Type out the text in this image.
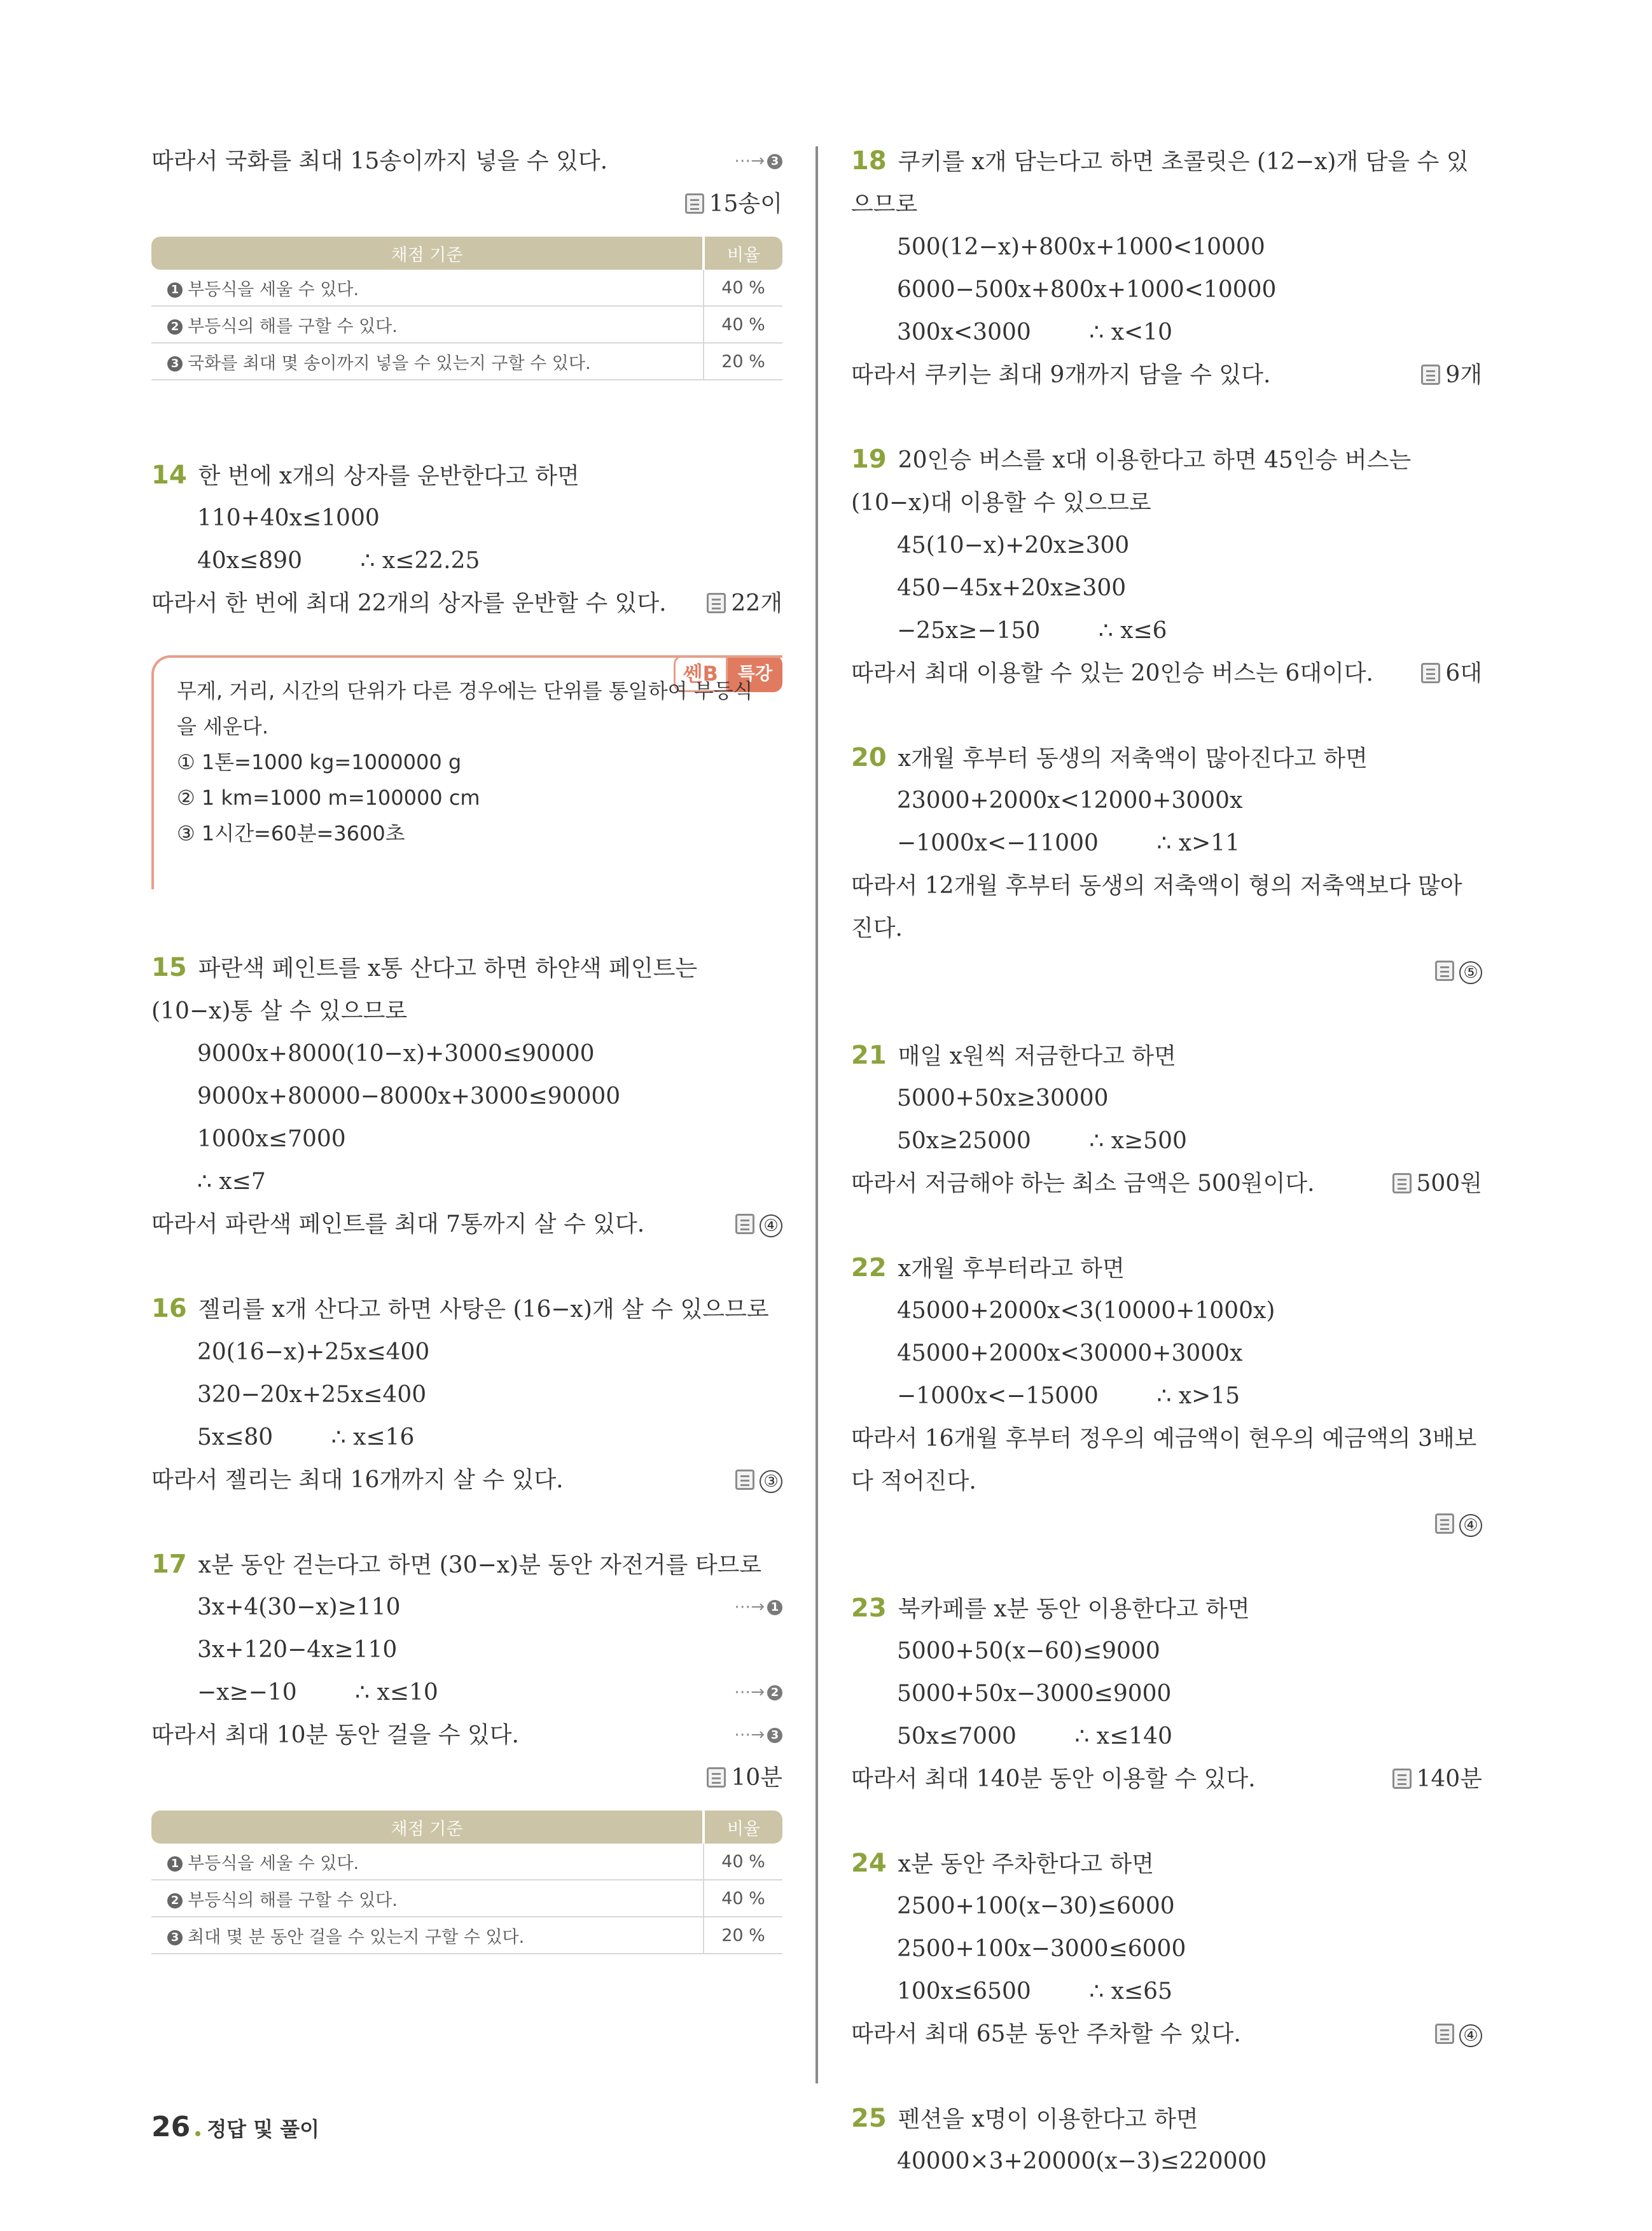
따라서 국화를 최대 15송이까지 넣을 수 있다.	⋯→ 3
15송이
채점 기준	비율
1 부등식을 세울 수 있다.	40 %
2 부등식의 해를 구할 수 있다.	40 %
3 국화를 최대 몇 송이까지 넣을 수 있는지 구할 수 있다.	20 %
14 한 번에 x개의 상자를 운반한다고 하면
110+40x≤1000
40x≤890        ∴ x≤22.25
따라서 한 번에 최대 22개의 상자를 운반할 수 있다.	22개
쎈B	특강
무게, 거리, 시간의 단위가 다른 경우에는 단위를 통일하여 부등식을 세운다.
① 1톤=1000 kg=1000000 g
② 1 km=1000 m=100000 cm
③ 1시간=60분=3600초
15 파란색 페인트를 x통 산다고 하면 하얀색 페인트는 (10−x)통 살 수 있으므로
9000x+8000(10−x)+3000≤90000
9000x+80000−8000x+3000≤90000
1000x≤7000
∴ x≤7
따라서 파란색 페인트를 최대 7통까지 살 수 있다.	④
16 젤리를 x개 산다고 하면 사탕은 (16−x)개 살 수 있으므로
20(16−x)+25x≤400
320−20x+25x≤400
5x≤80        ∴ x≤16
따라서 젤리는 최대 16개까지 살 수 있다.	③
17 x분 동안 걷는다고 하면 (30−x)분 동안 자전거를 타므로
3x+4(30−x)≥110	⋯→ 1
3x+120−4x≥110
−x≥−10        ∴ x≤10	⋯→ 2
따라서 최대 10분 동안 걸을 수 있다.	⋯→ 3
10분
채점 기준	비율
1 부등식을 세울 수 있다.	40 %
2 부등식의 해를 구할 수 있다.	40 %
3 최대 몇 분 동안 걸을 수 있는지 구할 수 있다.	20 %
18 쿠키를 x개 담는다고 하면 초콜릿은 (12−x)개 담을 수 있으므로
500(12−x)+800x+1000<10000
6000−500x+800x+1000<10000
300x<3000        ∴ x<10
따라서 쿠키는 최대 9개까지 담을 수 있다.	9개
19 20인승 버스를 x대 이용한다고 하면 45인승 버스는 (10−x)대 이용할 수 있으므로
45(10−x)+20x≥300
450−45x+20x≥300
−25x≥−150        ∴ x≤6
따라서 최대 이용할 수 있는 20인승 버스는 6대이다.	6대
20 x개월 후부터 동생의 저축액이 많아진다고 하면
23000+2000x<12000+3000x
−1000x<−11000        ∴ x>11
따라서 12개월 후부터 동생의 저축액이 형의 저축액보다 많아진다.
⑤
21 매일 x원씩 저금한다고 하면
5000+50x≥30000
50x≥25000        ∴ x≥500
따라서 저금해야 하는 최소 금액은 500원이다.	500원
22 x개월 후부터라고 하면
45000+2000x<3(10000+1000x)
45000+2000x<30000+3000x
−1000x<−15000        ∴ x>15
따라서 16개월 후부터 정우의 예금액이 현우의 예금액의 3배보다 적어진다.
④
23 북카페를 x분 동안 이용한다고 하면
5000+50(x−60)≤9000
5000+50x−3000≤9000
50x≤7000        ∴ x≤140
따라서 최대 140분 동안 이용할 수 있다.	140분
24 x분 동안 주차한다고 하면
2500+100(x−30)≤6000
2500+100x−3000≤6000
100x≤6500        ∴ x≤65
따라서 최대 65분 동안 주차할 수 있다.	④
25 펜션을 x명이 이용한다고 하면
40000×3+20000(x−3)≤220000
26 정답 및 풀이
